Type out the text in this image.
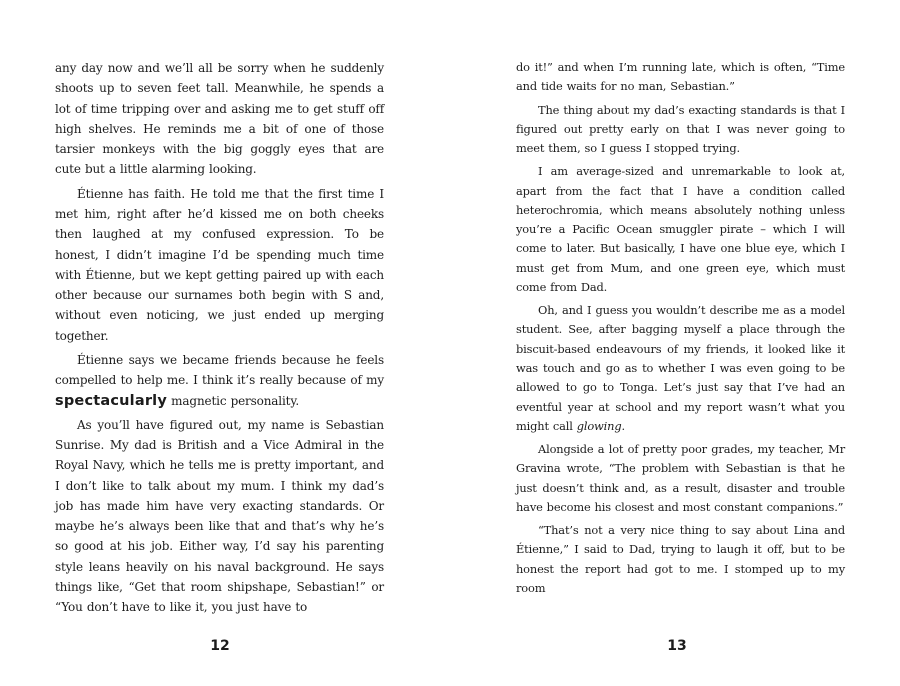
any day now and we’ll all be sorry when he suddenly shoots up to seven feet tall. Meanwhile, he spends a lot of time tripping over and asking me to get stuff off high shelves. He reminds me a bit of one of those tarsier monkeys with the big goggly eyes that are cute but a little alarming looking.

Étienne has faith. He told me that the first time I met him, right after he’d kissed me on both cheeks then laughed at my confused expression. To be honest, I didn’t imagine I’d be spending much time with Étienne, but we kept getting paired up with each other because our surnames both begin with S and, without even noticing, we just ended up merging together.

Étienne says we became friends because he feels compelled to help me. I think it’s really because of my spectacularly magnetic personality.

As you’ll have figured out, my name is Sebastian Sunrise. My dad is British and a Vice Admiral in the Royal Navy, which he tells me is pretty important, and I don’t like to talk about my mum. I think my dad’s job has made him have very exacting standards. Or maybe he’s always been like that and that’s why he’s so good at his job. Either way, I’d say his parenting style leans heavily on his naval background. He says things like, “Get that room shipshape, Sebastian!” or “You don’t have to like it, you just have to

do it!” and when I’m running late, which is often, “Time and tide waits for no man, Sebastian.”

The thing about my dad’s exacting standards is that I figured out pretty early on that I was never going to meet them, so I guess I stopped trying.

I am average-sized and unremarkable to look at, apart from the fact that I have a condition called heterochromia, which means absolutely nothing unless you’re a Pacific Ocean smuggler pirate – which I will come to later. But basically, I have one blue eye, which I must get from Mum, and one green eye, which must come from Dad.

Oh, and I guess you wouldn’t describe me as a model student. See, after bagging myself a place through the biscuit-based endeavours of my friends, it looked like it was touch and go as to whether I was even going to be allowed to go to Tonga. Let’s just say that I’ve had an eventful year at school and my report wasn’t what you might call glowing.

Alongside a lot of pretty poor grades, my teacher, Mr Gravina wrote, “The problem with Sebastian is that he just doesn’t think and, as a result, disaster and trouble have become his closest and most constant companions.”

“That’s not a very nice thing to say about Lina and Étienne,” I said to Dad, trying to laugh it off, but to be honest the report had got to me. I stomped up to my room

12	13
